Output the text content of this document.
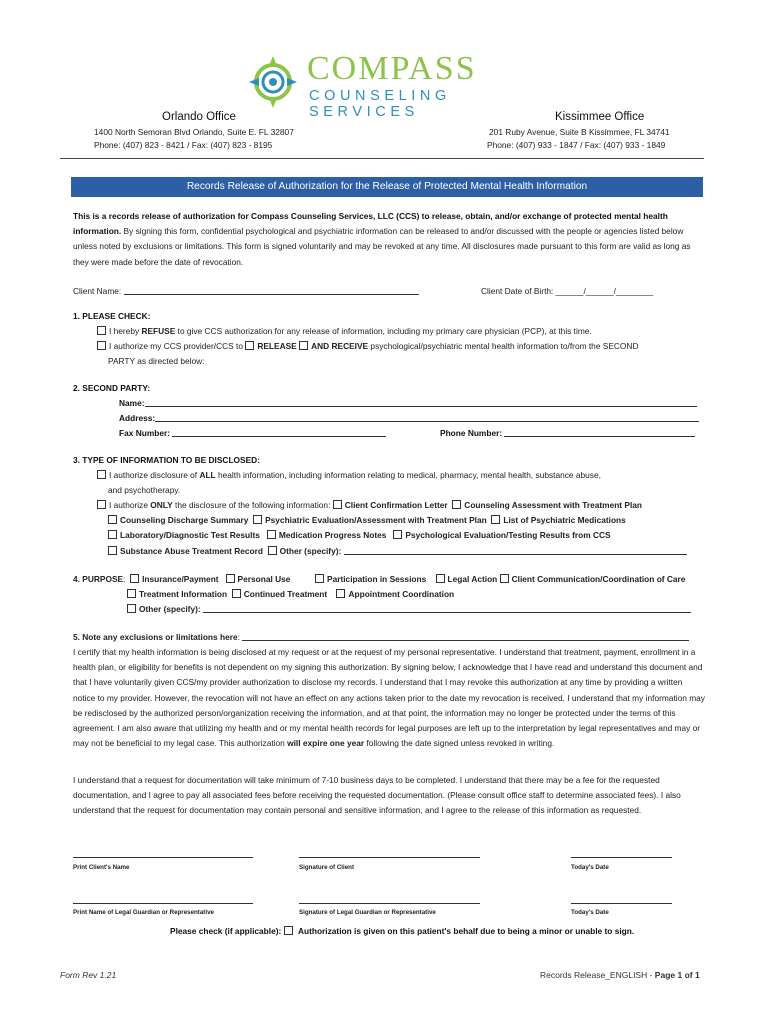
COMPASS
COUNSELING SERVICES
Orlando Office
1400 North Semoran Blvd Orlando, Suite E. FL 32807
Phone: (407) 823 - 8421 / Fax: (407) 823 - 8195
Kissimmee Office
201 Ruby Avenue, Suite B Kissimmee, FL 34741
Phone: (407) 933 - 1847 / Fax: (407) 933 - 1849
Records Release of Authorization for the Release of Protected Mental Health Information
This is a records release of authorization for Compass Counseling Services, LLC (CCS) to release, obtain, and/or exchange of protected mental health information. By signing this form, confidential psychological and psychiatric information can be released to and/or discussed with the people or agencies listed below unless noted by exclusions or limitations. This form is signed voluntarily and may be revoked at any time. All disclosures made pursuant to this form are valid as long as they were made before the date of revocation.
Client Name:	Client Date of Birth: ______/______/________
1. PLEASE CHECK:
I hereby REFUSE to give CCS authorization for any release of information, including my primary care physician (PCP), at this time.
I authorize my CCS provider/CCS to RELEASE AND RECEIVE psychological/psychiatric mental health information to/from the SECOND
PARTY as directed below:
2. SECOND PARTY:
Name:
Address:
Fax Number:	Phone Number:
3. TYPE OF INFORMATION TO BE DISCLOSED:
I authorize disclosure of ALL health information, including information relating to medical, pharmacy, mental health, substance abuse,
and psychotherapy.
I authorize ONLY the disclosure of the following information: Client Confirmation Letter Counseling Assessment with Treatment Plan
Counseling Discharge Summary Psychiatric Evaluation/Assessment with Treatment Plan List of Psychiatric Medications
Laboratory/Diagnostic Test Results Medication Progress Notes Psychological Evaluation/Testing Results from CCS
Substance Abuse Treatment Record Other (specify):
4. PURPOSE:  Insurance/Payment Personal Use	Participation in Sessions	Legal Action Client Communication/Coordination of Care
Treatment Information Continued Treatment	Appointment Coordination
Other (specify):
5. Note any exclusions or limitations here:
I certify that my health information is being disclosed at my request or at the request of my personal representative. I understand that treatment, payment, enrollment in a health plan, or eligibility for benefits is not dependent on my signing this authorization. By signing below, I acknowledge that I have read and understand this document and that I have voluntarily given CCS/my provider authorization to disclose my records. I understand that I may revoke this authorization at any time by providing a written notice to my provider. However, the revocation will not have an effect on any actions taken prior to the date my revocation is received. I understand that my information may be redisclosed by the authorized person/organization receiving the information, and at that point, the information may no longer be protected under the terms of this agreement. I am also aware that utilizing my health and or my mental health records for legal purposes are left up to the interpretation by legal representatives and may or may not be beneficial to my legal case. This authorization will expire one year following the date signed unless revoked in writing.
I understand that a request for documentation will take minimum of 7-10 business days to be completed. I understand that there may be a fee for the requested documentation, and I agree to pay all associated fees before receiving the requested documentation. (Please consult office staff to determine associated fees). I also understand that the request for documentation may contain personal and sensitive information, and I agree to the release of this information as requested.
Print Client's Name	Signature of Client	Today's Date
Print Name of Legal Guardian or Representative	Signature of Legal Guardian or Representative	Today's Date
Please check (if applicable): Authorization is given on this patient's behalf due to being a minor or unable to sign.
Form Rev 1.21	Records Release_ENGLISH - Page 1 of 1
